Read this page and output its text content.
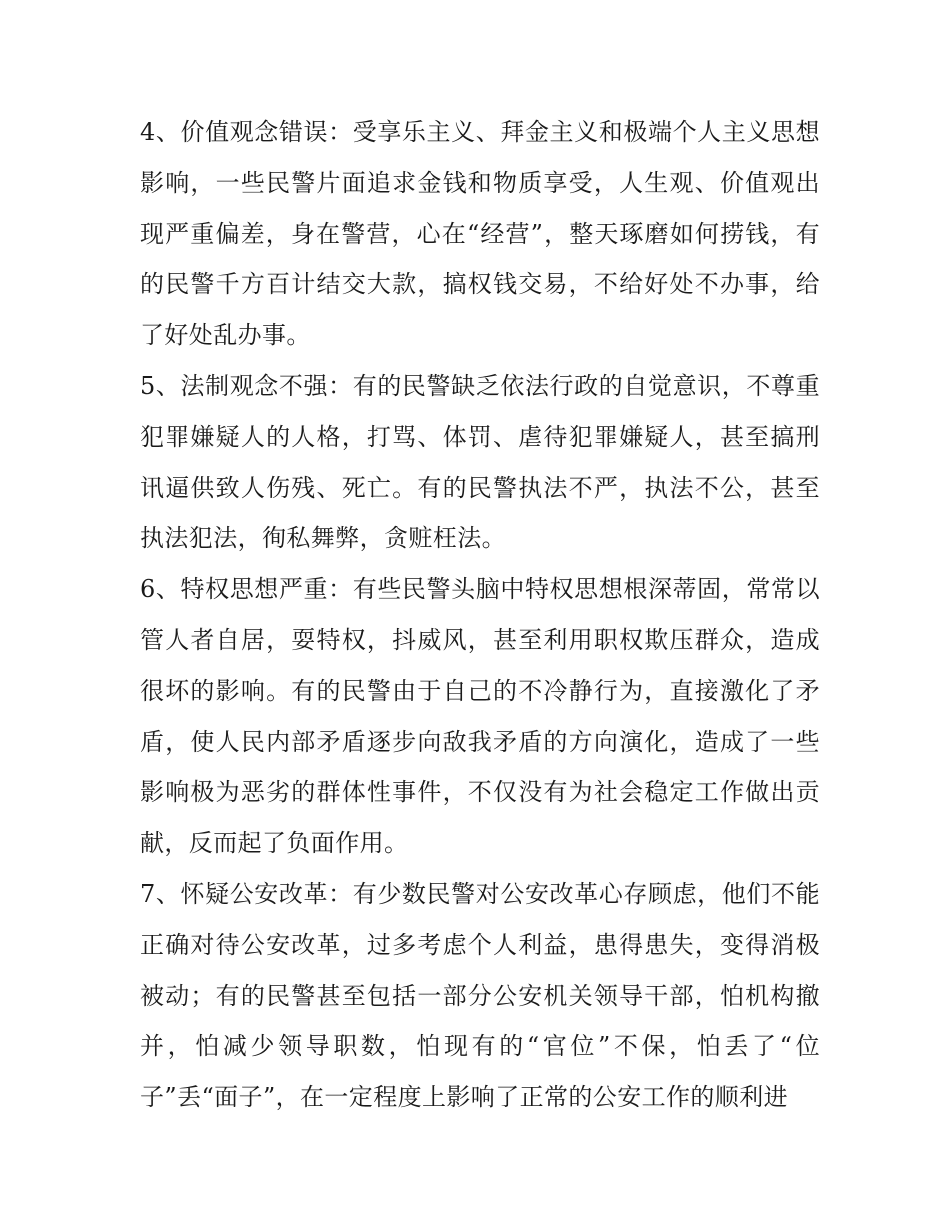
4、价值观念错误：受享乐主义、拜金主义和极端个人主义思想影响，一些民警片面追求金钱和物质享受，人生观、价值观出现严重偏差，身在警营，心在“经营”，整天琢磨如何捞钱，有的民警千方百计结交大款，搞权钱交易，不给好处不办事，给了好处乱办事。

5、法制观念不强：有的民警缺乏依法行政的自觉意识，不尊重犯罪嫌疑人的人格，打骂、体罚、虐待犯罪嫌疑人，甚至搞刑讯逼供致人伤残、死亡。有的民警执法不严，执法不公，甚至执法犯法，徇私舞弊，贪赃枉法。

6、特权思想严重：有些民警头脑中特权思想根深蒂固，常常以管人者自居，耍特权，抖威风，甚至利用职权欺压群众，造成很坏的影响。有的民警由于自己的不冷静行为，直接激化了矛盾，使人民内部矛盾逐步向敌我矛盾的方向演化，造成了一些影响极为恶劣的群体性事件，不仅没有为社会稳定工作做出贡献，反而起了负面作用。

7、怀疑公安改革：有少数民警对公安改革心存顾虑，他们不能正确对待公安改革，过多考虑个人利益，患得患失，变得消极被动；有的民警甚至包括一部分公安机关领导干部，怕机构撤并，怕减少领导职数，怕现有的“官位”不保，怕丢了“位子”丢“面子”，在一定程度上影响了正常的公安工作的顺利进
